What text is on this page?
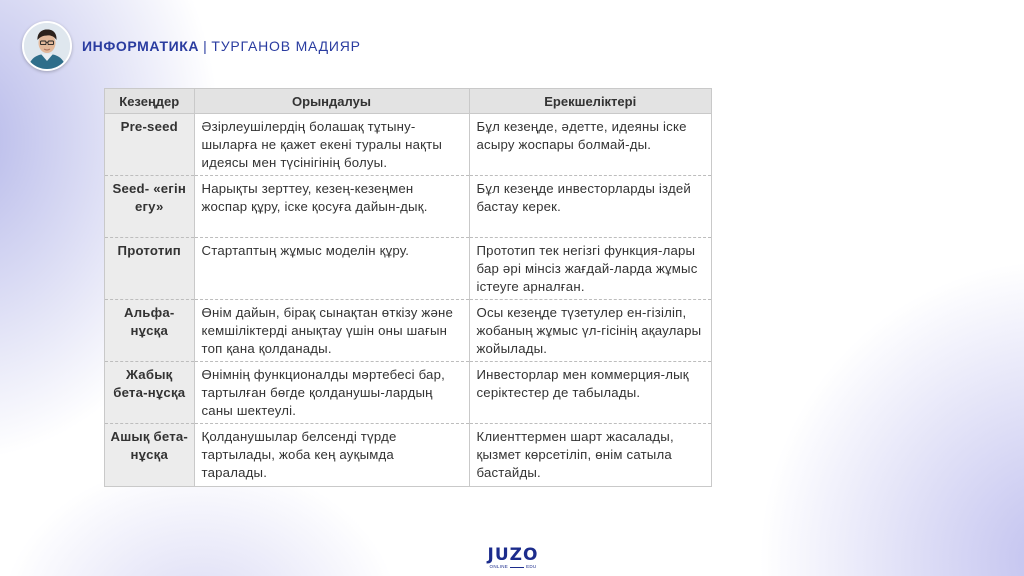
ИНФОРМАТИКА | ТУРГАНОВ МАДИЯР
Кезеңдер	Орындалуы	Ерекшеліктері
Pre-seed	Әзірлеушілердің болашақ тұтыну-шыларға не қажет екені туралы нақты идеясы мен түсінігінің болуы.	Бұл кезеңде, әдетте, идеяны іске асыру жоспары болмай-ды.
Seed- «егін егу»	Нарықты зерттеу, кезең-кезеңмен жоспар құру, іске қосуға дайын-дық.	Бұл кезеңде инвесторларды іздей бастау керек.
Прототип	Стартаптың жұмыс моделін құру.	Прототип тек негізгі функция-лары бар әрі мінсіз жағдай-ларда жұмыс істеуге арналған.
Альфа-нұсқа	Өнім дайын, бірақ сынақтан өткізу және кемшіліктерді анықтау үшін оны шағын топ қана қолданады.	Осы кезеңде түзетулер ен-гізіліп, жобаның жұмыс үл-гісінің ақаулары жойылады.
Жабық бета-нұсқа	Өнімнің функционалды мәртебесі бар, тартылған бөгде қолданушы-лардың саны шектеулі.	Инвесторлар мен коммерция-лық серіктестер де табылады.
Ашық бета-нұсқа	Қолданушылар белсенді түрде тартылады, жоба кең ауқымда таралады.	Клиенттермен шарт жасалады, қызмет көрсетіліп, өнім сатыла бастайды.
JUZO
ONLINE	EDU
